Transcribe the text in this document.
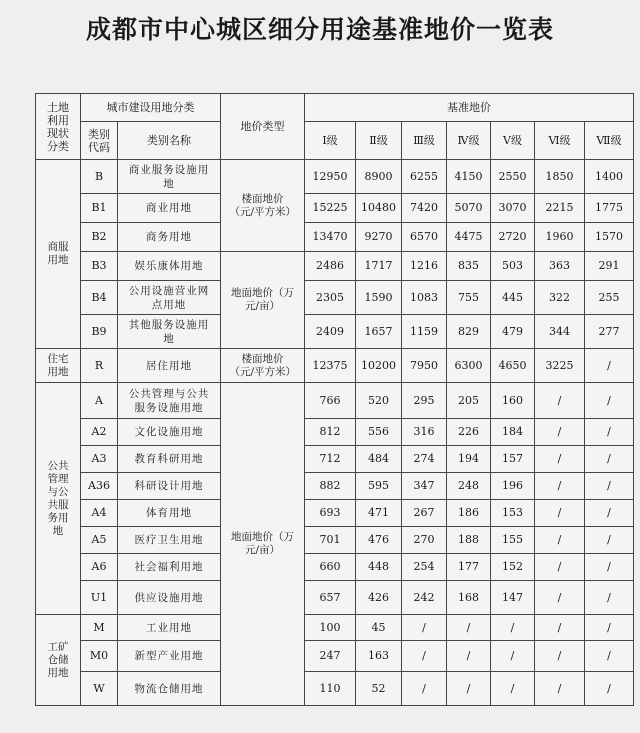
成都市中心城区细分用途基准地价一览表
土地利用现状分类	城市建设用地分类		地价类型	基准地价						

	类别代码	类别名称		Ⅰ级	Ⅱ级	Ⅲ级	Ⅳ级	Ⅴ级	Ⅵ级	Ⅶ级

商服用地	B	商业服务设施用地	楼面地价（元/平方米）	12950	8900	6255	4150	2550	1850	1400
	B1	商业用地		15225	10480	7420	5070	3070	2215	1775
	B2	商务用地		13470	9270	6570	4475	2720	1960	1570
	B3	娱乐康体用地	地面地价（万元/亩）	2486	1717	1216	835	503	363	291
	B4	公用设施营业网点用地		2305	1590	1083	755	445	322	255
	B9	其他服务设施用地		2409	1657	1159	829	479	344	277

住宅用地	R	居住用地	楼面地价（元/平方米）	12375	10200	7950	6300	4650	3225	/

公共管理与公共服务用地	A	公共管理与公共服务设施用地	地面地价（万元/亩）	766	520	295	205	160	/	/
	A2	文化设施用地		812	556	316	226	184	/	/
	A3	教育科研用地		712	484	274	194	157	/	/
	A36	科研设计用地		882	595	347	248	196	/	/
	A4	体育用地		693	471	267	186	153	/	/
	A5	医疗卫生用地		701	476	270	188	155	/	/
	A6	社会福利用地		660	448	254	177	152	/	/
	U1	供应设施用地		657	426	242	168	147	/	/

工矿仓储用地	M	工业用地		100	45	/	/	/	/	/
	M0	新型产业用地		247	163	/	/	/	/	/
	W	物流仓储用地		110	52	/	/	/	/	/
